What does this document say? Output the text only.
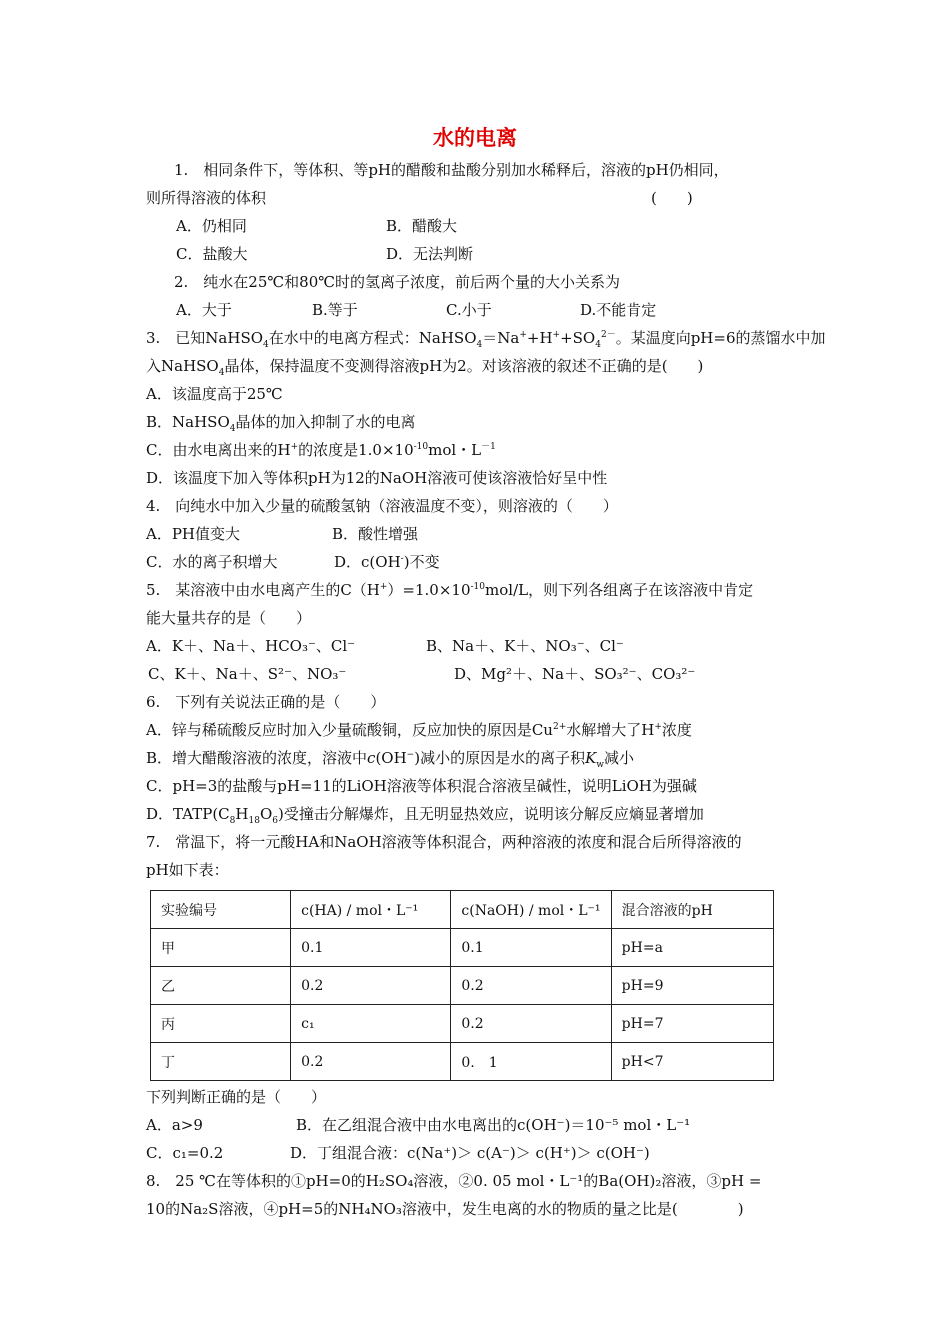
水的电离
1.　相同条件下，等体积、等pH的醋酸和盐酸分别加水稀释后，溶液的pH仍相同，
则所得溶液的体积	(　　)
A．仍相同	B．醋酸大
C．盐酸大	D．无法判断
2.　纯水在25℃和80℃时的氢离子浓度，前后两个量的大小关系为
A．大于	B.等于	C.小于	D.不能肯定
3.　已知NaHSO$_4$在水中的电离方程式：$NaHSO_4=Na^++H^++SO_4^{2-}$。某温度向pH=6的蒸馏水中加
入NaHSO$_4$晶体，保持温度不变测得溶液pH为2。对该溶液的叙述不正确的是(　　)
A．该温度高于25℃
B．NaHSO$_4$晶体的加入抑制了水的电离
C．由水电离出来的H+的浓度是$1.0\times 10^{-10}mol$・$L^{-1}$
D．该温度下加入等体积pH为12的NaOH溶液可使该溶液恰好呈中性
4.　向纯水中加入少量的硫酸氢钠（溶液温度不变），则溶液的（　　）
A．PH值变大	B．酸性增强
C．水的离子积增大	D．c(OH-)不变
5.　某溶液中由水电离产生的$C(H^+)=1.0\times 10^{-10}mol/L$，则下列各组离子在该溶液中肯定
能大量共存的是（　　）
A．K＋、Na＋、HCO₃⁻、Cl⁻	B、Na＋、K＋、NO₃⁻、Cl⁻
C、K＋、Na＋、S²⁻、NO₃⁻	D、Mg²＋、Na＋、SO₃²⁻、CO₃²⁻
6.　下列有关说法正确的是（　　）
A．锌与稀硫酸反应时加入少量硫酸铜，反应加快的原因是$Cu^{2+}$水解增大了H+浓度
B．增大醋酸溶液的浓度，溶液中c(OH−)减小的原因是水的离子积$K_w$减小
C．pH=3的盐酸与pH=11的LiOH溶液等体积混合溶液呈碱性，说明LiOH为强碱
D．$TATP(C_8H_{18}O_6)$受撞击分解爆炸，且无明显热效应，说明该分解反应熵显著增加
7.　常温下，将一元酸HA和NaOH溶液等体积混合，两种溶液的浓度和混合后所得溶液的
pH如下表：
实验编号	c(HA) / mol・L⁻¹	c(NaOH) / mol・L⁻¹	混合溶液的pH
甲	0.1	0.1	pH=a
乙	0.2	0.2	pH=9
丙	c₁	0.2	pH=7
丁	0.2	0.　1	pH<7
下列判断正确的是（　　）
A．a>9	B．在乙组混合液中由水电离出的c(OH⁻)＝10⁻⁵ mol・L⁻¹
C．c₁=0.2	D．丁组混合液：c(Na⁺)＞ c(A⁻)＞ c(H⁺)＞ c(OH⁻)
8.　25 ℃在等体积的①pH=0的H₂SO₄溶液，②0. 05 mol・L⁻¹的Ba(OH)₂溶液，③pH =
10的Na₂S溶液，④pH=5的NH₄NO₃溶液中，发生电离的水的物质的量之比是(　　　　)
